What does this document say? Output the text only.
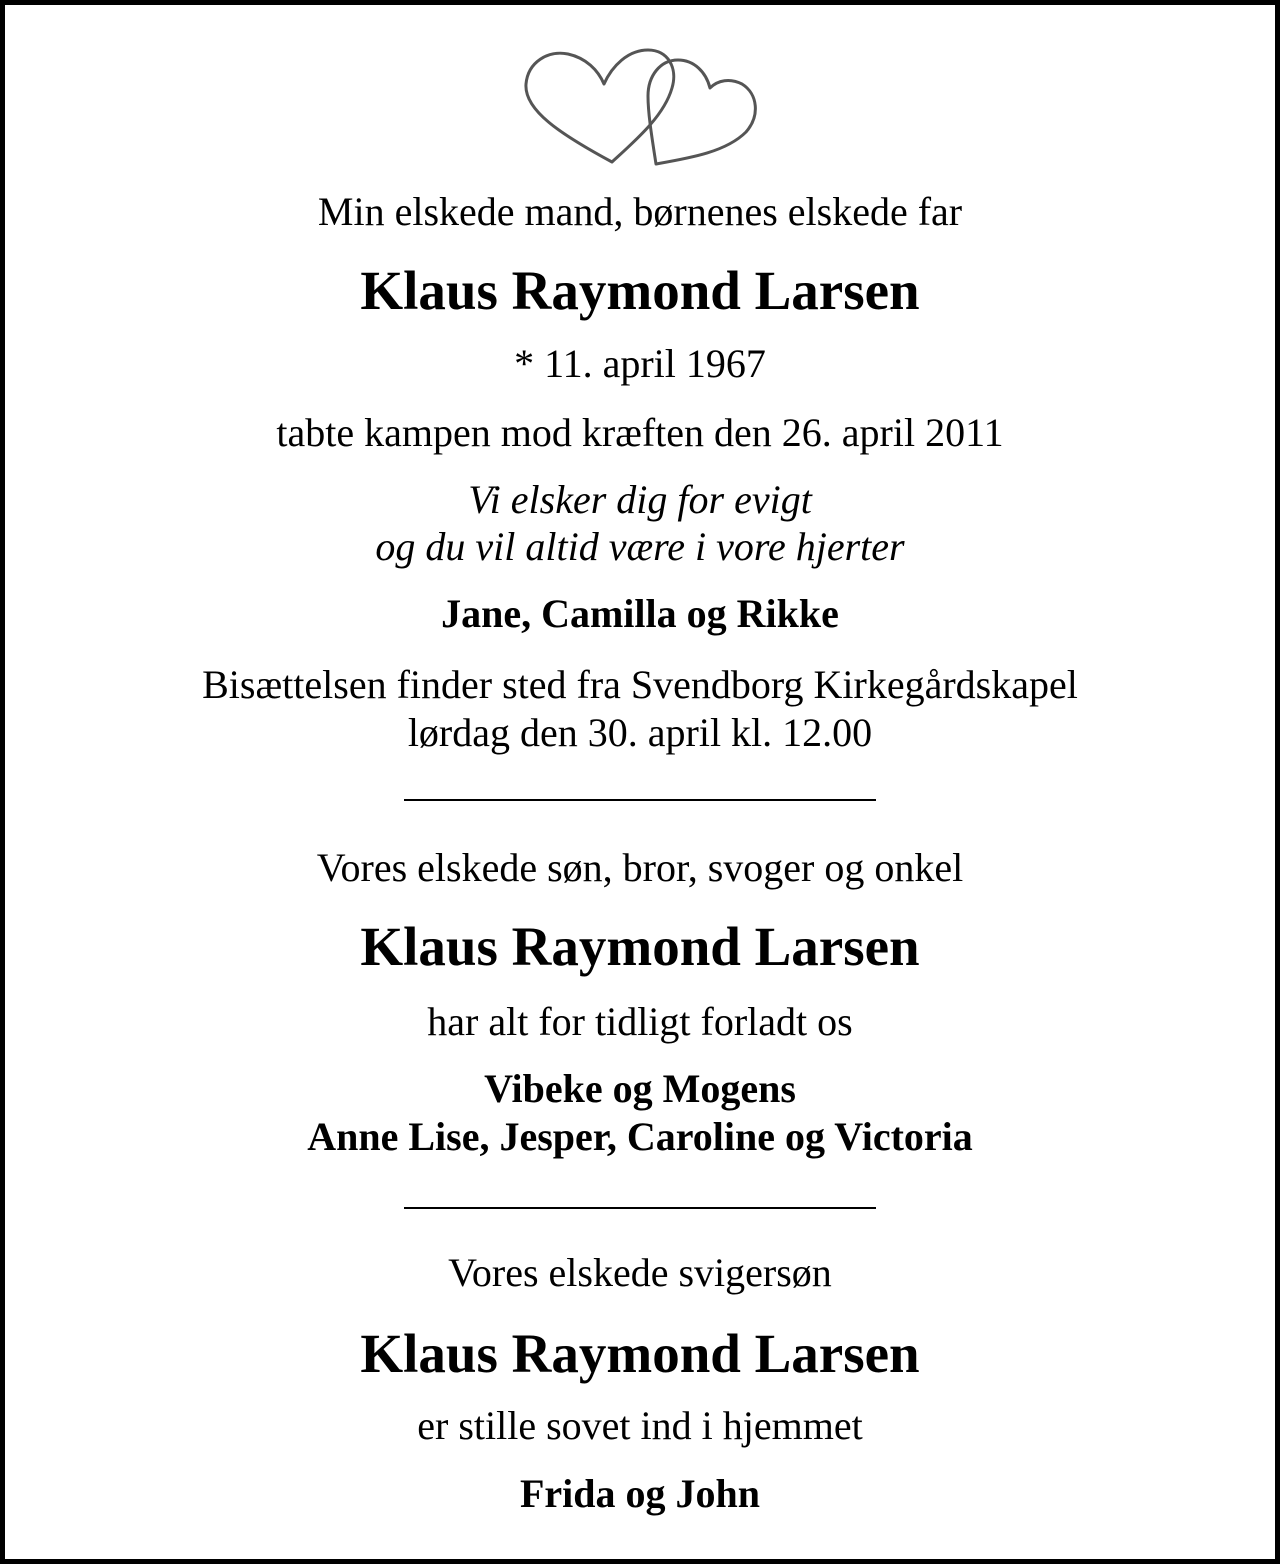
Min elskede mand, børnenes elskede far
Klaus Raymond Larsen
* 11. april 1967
tabte kampen mod kræften den 26. april 2011
Vi elsker dig for evigt
og du vil altid være i vore hjerter
Jane, Camilla og Rikke
Bisættelsen finder sted fra Svendborg Kirkegårdskapel
lørdag den 30. april kl. 12.00
Vores elskede søn, bror, svoger og onkel
Klaus Raymond Larsen
har alt for tidligt forladt os
Vibeke og Mogens
Anne Lise, Jesper, Caroline og Victoria
Vores elskede svigersøn
Klaus Raymond Larsen
er stille sovet ind i hjemmet
Frida og John
